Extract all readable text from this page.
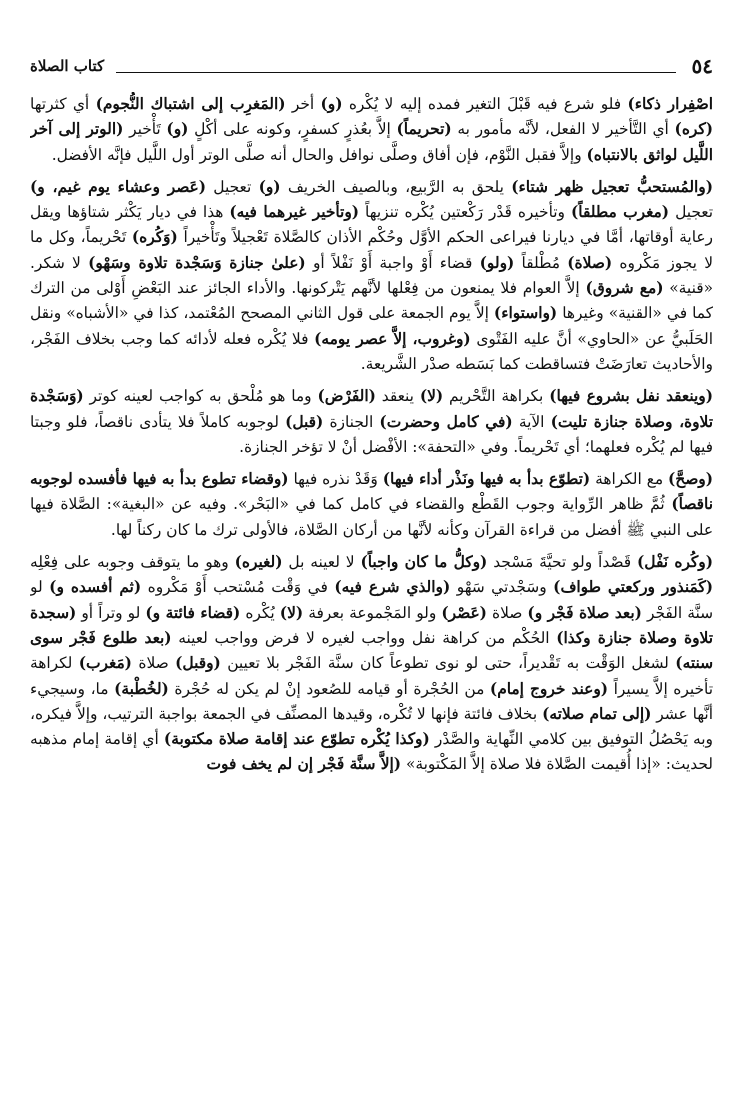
٥٤
كتاب الصلاة

اصْفِرار ذكاء) فلو شرع فيه قَبْلَ التغير فمده إليه لا يُكْره (و) أخر (المَغرِب إلى اشتباك النُّجوم) أي كثرتها (كره) أي التَّأخير لا الفعل، لأنَّه مأمور به (تحريماً) إلاَّ بعُذرٍ كسفرٍ، وكونه على أكْلٍ (و) تَأْخير (الوتر إلى آخر اللَّيل لواثق بالانتباه) وإلاَّ فقبل النَّوْم، فإن أفاق وصلَّى نوافل والحال أنه صلَّى الوتر أول اللَّيل فإنَّه الأفضل.

(والمُستحبُّ تعجيل ظهر شتاء) يلحق به الرَّبيع، وبالصيف الخريف (و) تعجيل (عَصر وعشاء يوم غيم، و) تعجيل (مغرب مطلقاً) وتأخيره قَدْر رَكْعتين يُكْره تنزيهاً (وتأخير غيرهما فيه) هذا في ديار يَكْثر شتاؤها ويقل رعاية أوقاتها، أمَّا في ديارنا فيراعى الحكم الأوَّل وحُكْم الأذان كالصَّلاة تَعْجيلاً وتَأْخيراً (وَكُره) تَحْريماً، وكل ما لا يجوز مَكْروه (صلاة) مُطْلقاً (ولو) قضاء أَوْ واجبة أَوْ نَفْلاً أو (علىٰ جنازة وَسَجْدة تلاوة وسَهْو) لا شكر. «قنية» (مع شروق) إلاَّ العوام فلا يمنعون من فِعْلها لأنَّهم يَتْركونها. والأداء الجائز عند البَعْضِ أَوْلى من الترك كما في «القنية» وغيرها (واستواء) إلاَّ يوم الجمعة على قول الثاني المصحح المُعْتمد، كذا في «الأشباه» ونقل الحَلَبيُّ عن «الحاوي» أنَّ عليه الفَتْوى (وغروب، إلاَّ عصر يومه) فلا يُكْره فعله لأدائه كما وجب بخلاف الفَجْر، والأحاديث تعارَضَتْ فتساقطت كما بَسَطه صدْر الشَّريعة.

(وينعقد نفل بشروع فيها) بكراهة التَّحْريم (لا) ينعقد (الفَرْض) وما هو مُلْحق به كواجب لعينه كوتر (وَسَجْدة تلاوة، وصلاة جنازة تليت) الآية (في كامل وحضرت) الجنازة (قبل) لوجوبه كاملاً فلا يتأدى ناقصاً، فلو وجبتا فيها لم يُكْره فعلهما؛ أي تَحْريماً. وفي «التحفة»: الأفْضل أنْ لا تؤخر الجنازة.

(وصحَّ) مع الكراهة (تطوّع بدأ به فيها ونَذْر أداء فيها) وَقَدْ نذره فيها (وقضاء تطوع بدأ به فيها فأفسده لوجوبه ناقصاً) ثُمَّ ظاهر الرِّواية وجوب القَطْع والقضاء في كامل كما في «البَحْر». وفيه عن «البغية»: الصَّلاة فيها على النبي ﷺ أفضل من قراءة القرآن وكأنه لأنَّها من أركان الصَّلاة، فالأولى ترك ما كان ركناً لها.

(وكُره نَفْل) قَصْداً ولو تحيَّةَ مَسْجد (وكلُّ ما كان واجباً) لا لعينه بل (لغيره) وهو ما يتوقف وجوبه على فِعْلِه (كَمَنذور وركعتي طواف) وسَجْدتي سَهْو (والذي شرع فيه) في وَقْت مُسْتحب أَوْ مَكْروه (ثم أفسده و) لو سنَّة الفَجْر (بعد صلاة فَجْر و) صلاة (عَصْر) ولو المَجْموعة بعرفة (لا) يُكْره (قضاء فائتة و) لو وتراً أو (سجدة تلاوة وصلاة جنازة وكذا) الحُكْم من كراهة نفل وواجب لغيره لا فرض وواجب لعينه (بعد طلوع فَجْر سوى سنته) لشغل الوَقْت به تَقْديراً، حتى لو نوى تطوعاً كان سنَّة الفَجْر بلا تعيين (وقبل) صلاة (مَغرب) لكراهة تأخيره إلاَّ يسيراً (وعند خروج إمام) من الحُجْرة أو قيامه للصُعود إنْ لم يكن له حُجْرة (لخُطْبة) ما، وسيجيء أنَّها عشر (إلى تمام صلاته) بخلاف فائتة فإنها لا تُكْره، وقيدها المصنِّف في الجمعة بواجبة الترتيب، وإلاَّ فيكره، وبه يَحْصُلُ التوفيق بين كلامي النِّهاية والصَّدْر (وكذا يُكْره تطوّع عند إقامة صلاة مكتوبة) أي إقامة إمام مذهبه لحديث: «إذا أُقيمت الصَّلاة فلا صلاة إلاَّ المَكْتوبة» (إلاَّ سنَّة فَجْر إن لم يخف فوت
